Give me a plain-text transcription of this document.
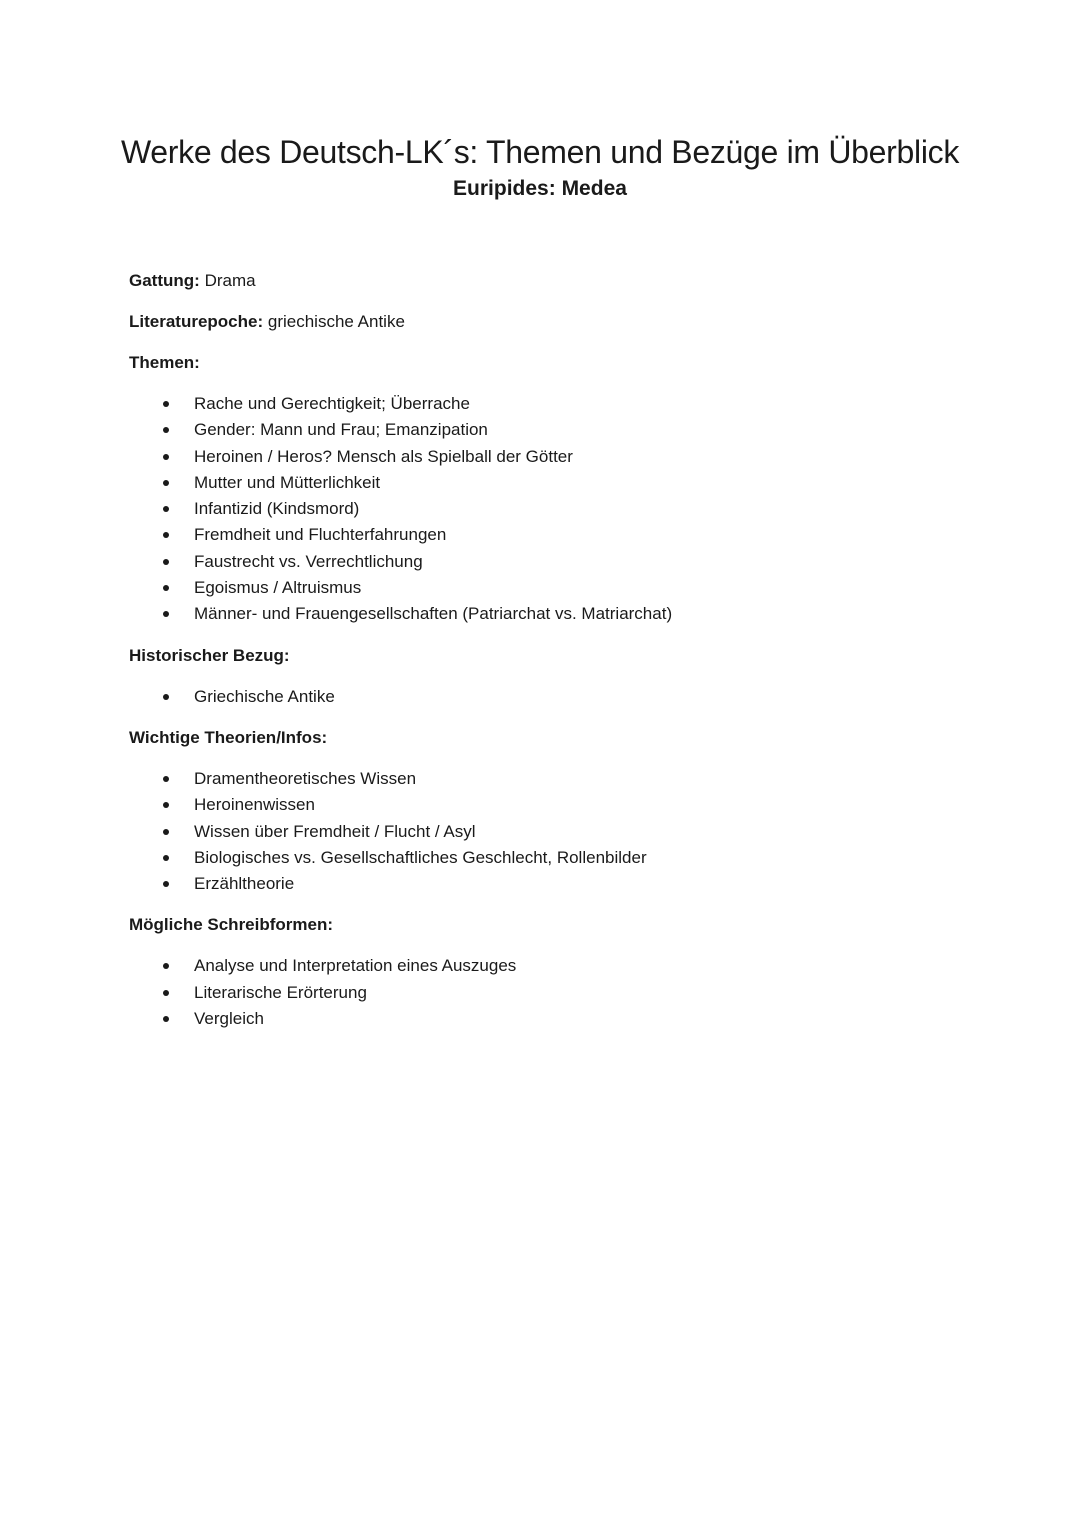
Werke des Deutsch-LK´s: Themen und Bezüge im Überblick
Euripides: Medea

Gattung: Drama

Literaturepoche: griechische Antike

Themen:

Rache und Gerechtigkeit; Überrache
Gender: Mann und Frau; Emanzipation
Heroinen / Heros? Mensch als Spielball der Götter
Mutter und Mütterlichkeit
Infantizid (Kindsmord)
Fremdheit und Fluchterfahrungen
Faustrecht vs. Verrechtlichung
Egoismus / Altruismus
Männer- und Frauengesellschaften (Patriarchat vs. Matriarchat)

Historischer Bezug:

Griechische Antike

Wichtige Theorien/Infos:

Dramentheoretisches Wissen
Heroinenwissen
Wissen über Fremdheit / Flucht / Asyl
Biologisches vs. Gesellschaftliches Geschlecht, Rollenbilder
Erzähltheorie

Mögliche Schreibformen:

Analyse und Interpretation eines Auszuges
Literarische Erörterung
Vergleich
